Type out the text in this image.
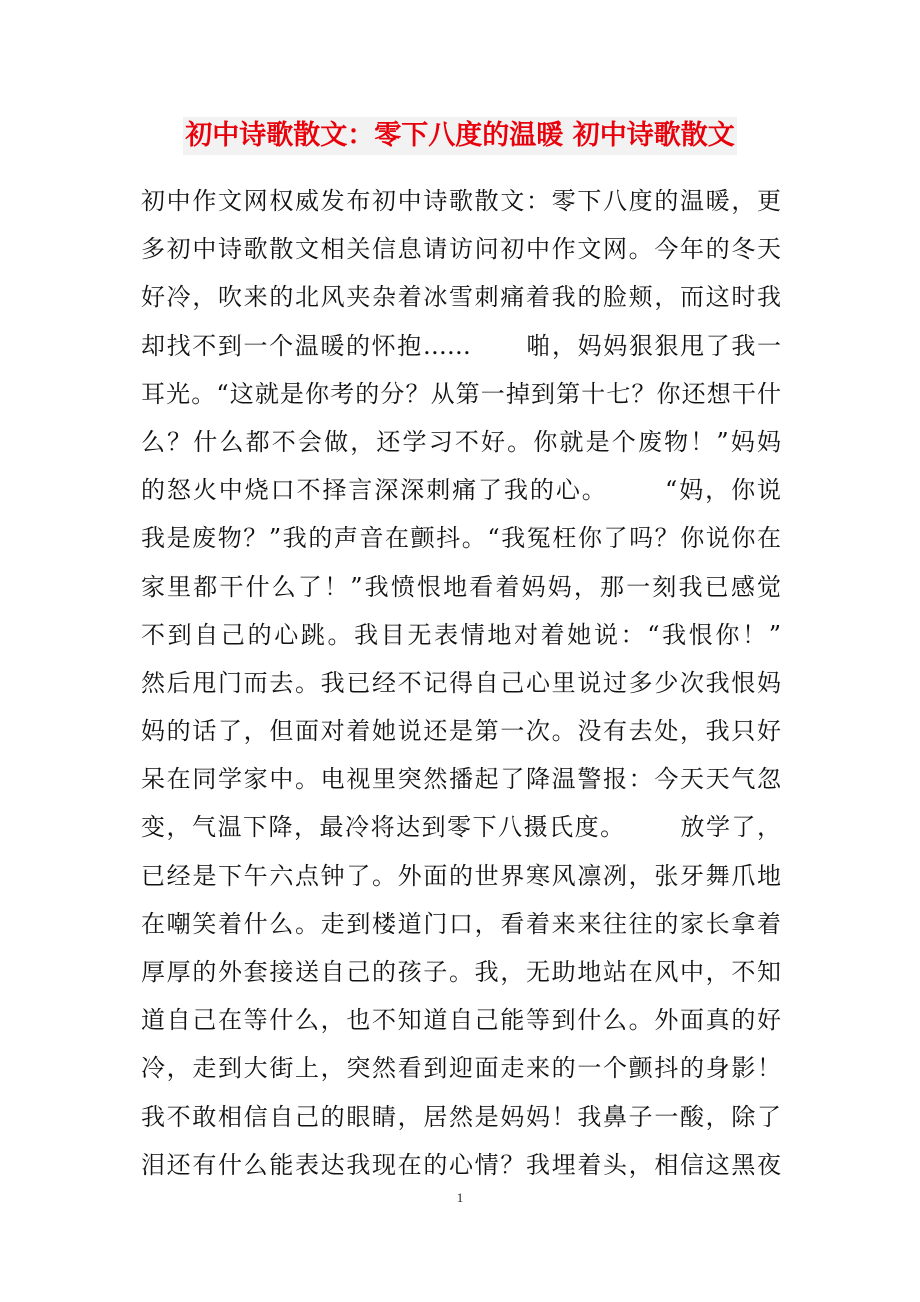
初中诗歌散文：零下八度的温暖 初中诗歌散文
初中作文网权威发布初中诗歌散文：零下八度的温暖，更
多初中诗歌散文相关信息请访问初中作文网。今年的冬天
好冷，吹来的北风夹杂着冰雪刺痛着我的脸颊，而这时我
却找不到一个温暖的怀抱……      啪，妈妈狠狠甩了我一
耳光。“这就是你考的分？从第一掉到第十七？你还想干什
么？什么都不会做，还学习不好。你就是个废物！”妈妈
的怒火中烧口不择言深深刺痛了我的心。      “妈，你说
我是废物？”我的声音在颤抖。“我冤枉你了吗？你说你在
家里都干什么了！”我愤恨地看着妈妈，那一刻我已感觉
不到自己的心跳。我目无表情地对着她说：“我恨你！”
然后甩门而去。我已经不记得自己心里说过多少次我恨妈
妈的话了，但面对着她说还是第一次。没有去处，我只好
呆在同学家中。电视里突然播起了降温警报：今天天气忽
变，气温下降，最冷将达到零下八摄氏度。      放学了，
已经是下午六点钟了。外面的世界寒风凛冽，张牙舞爪地
在嘲笑着什么。走到楼道门口，看着来来往往的家长拿着
厚厚的外套接送自己的孩子。我，无助地站在风中，不知
道自己在等什么，也不知道自己能等到什么。外面真的好
冷，走到大街上，突然看到迎面走来的一个颤抖的身影！
我不敢相信自己的眼睛，居然是妈妈！我鼻子一酸，除了
泪还有什么能表达我现在的心情？我埋着头，相信这黑夜
1
